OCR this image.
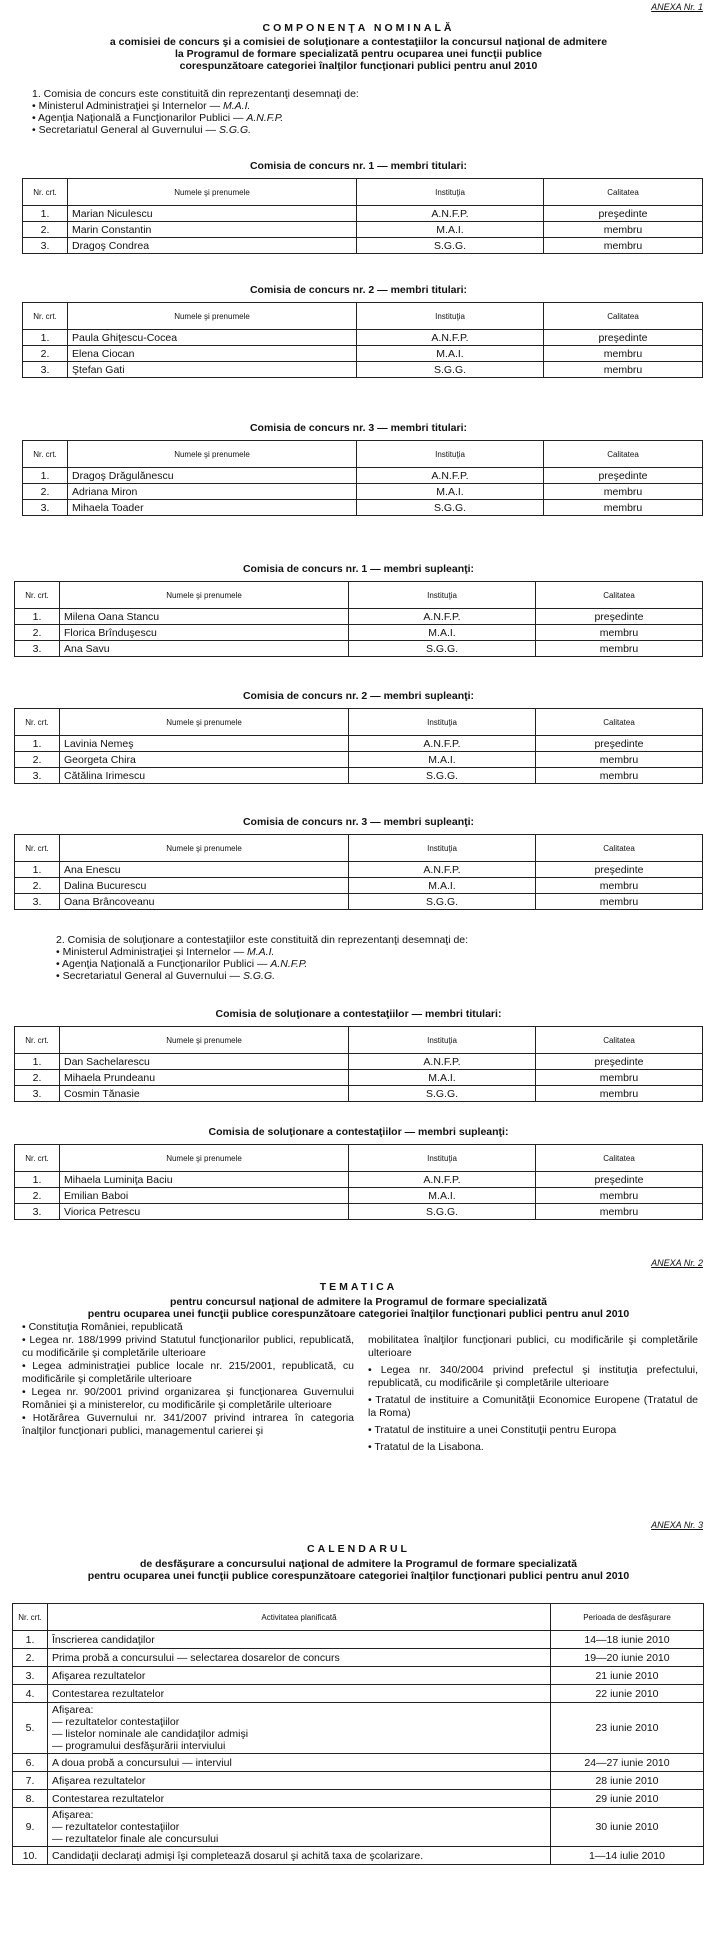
ANEXA Nr. 1
COMPONENŢA NOMINALĂ
a comisiei de concurs şi a comisiei de soluţionare a contestaţiilor la concursul naţional de admitere
la Programul de formare specializată pentru ocuparea unei funcţii publice
corespunzătoare categoriei înalţilor funcţionari publici pentru anul 2010
1. Comisia de concurs este constituită din reprezentanţi desemnaţi de:
• Ministerul Administraţiei şi Internelor — M.A.I.
• Agenţia Naţională a Funcţionarilor Publici — A.N.F.P.
• Secretariatul General al Guvernului — S.G.G.
Comisia de concurs nr. 1 — membri titulari:
Nr. crt.	Numele şi prenumele	Instituţia	Calitatea
1.	Marian Niculescu	A.N.F.P.	preşedinte
2.	Marin Constantin	M.A.I.	membru
3.	Dragoş Condrea	S.G.G.	membru
Comisia de concurs nr. 2 — membri titulari:
Nr. crt.	Numele şi prenumele	Instituţia	Calitatea
1.	Paula Ghiţescu-Cocea	A.N.F.P.	preşedinte
2.	Elena Ciocan	M.A.I.	membru
3.	Ştefan Gati	S.G.G.	membru
Comisia de concurs nr. 3 — membri titulari:
Nr. crt.	Numele şi prenumele	Instituţia	Calitatea
1.	Dragoş Drăgulănescu	A.N.F.P.	preşedinte
2.	Adriana Miron	M.A.I.	membru
3.	Mihaela Toader	S.G.G.	membru
Comisia de concurs nr. 1 — membri supleanţi:
Nr. crt.	Numele şi prenumele	Instituţia	Calitatea
1.	Milena Oana Stancu	A.N.F.P.	preşedinte
2.	Florica Brînduşescu	M.A.I.	membru
3.	Ana Savu	S.G.G.	membru
Comisia de concurs nr. 2 — membri supleanţi:
Nr. crt.	Numele şi prenumele	Instituţia	Calitatea
1.	Lavinia Nemeş	A.N.F.P.	preşedinte
2.	Georgeta Chira	M.A.I.	membru
3.	Cătălina Irimescu	S.G.G.	membru
Comisia de concurs nr. 3 — membri supleanţi:
Nr. crt.	Numele şi prenumele	Instituţia	Calitatea
1.	Ana Enescu	A.N.F.P.	preşedinte
2.	Dalina Bucurescu	M.A.I.	membru
3.	Oana Brâncoveanu	S.G.G.	membru
Comisia de soluţionare a contestaţiilor — membri titulari:
Nr. crt.	Numele şi prenumele	Instituţia	Calitatea
1.	Dan Sachelarescu	A.N.F.P.	preşedinte
2.	Mihaela Prundeanu	M.A.I.	membru
3.	Cosmin Tănasie	S.G.G.	membru
Comisia de soluţionare a contestaţiilor — membri supleanţi:
Nr. crt.	Numele şi prenumele	Instituţia	Calitatea
1.	Mihaela Luminiţa Baciu	A.N.F.P.	preşedinte
2.	Emilian Baboi	M.A.I.	membru
3.	Viorica Petrescu	S.G.G.	membru
2. Comisia de soluţionare a contestaţiilor este constituită din reprezentanţi desemnaţi de:
• Ministerul Administraţiei şi Internelor — M.A.I.
• Agenţia Naţională a Funcţionarilor Publici — A.N.F.P.
• Secretariatul General al Guvernului — S.G.G.
ANEXA Nr. 2
TEMATICA
pentru concursul naţional de admitere la Programul de formare specializată
pentru ocuparea unei funcţii publice corespunzătoare categoriei înalţilor funcţionari publici pentru anul 2010
• Constituţia României, republicată
• Legea nr. 188/1999 privind Statutul funcţionarilor publici, republicată, cu modificările şi completările ulterioare
• Legea administraţiei publice locale nr. 215/2001, republicată, cu modificările şi completările ulterioare
• Legea nr. 90/2001 privind organizarea şi funcţionarea Guvernului României şi a ministerelor, cu modificările şi completările ulterioare
• Hotărârea Guvernului nr. 341/2007 privind intrarea în categoria înalţilor funcţionari publici, managementul carierei şi
mobilitatea înalţilor funcţionari publici, cu modificările şi completările ulterioare
• Legea nr. 340/2004 privind prefectul şi instituţia prefectului, republicată, cu modificările şi completările ulterioare
• Tratatul de instituire a Comunităţii Economice Europene (Tratatul de la Roma)
• Tratatul de instituire a unei Constituţii pentru Europa
• Tratatul de la Lisabona.
ANEXA Nr. 3
CALENDARUL
de desfăşurare a concursului naţional de admitere la Programul de formare specializată
pentru ocuparea unei funcţii publice corespunzătoare categoriei înalţilor funcţionari publici pentru anul 2010
Nr. crt.	Activitatea planificată	Perioada de desfăşurare
1.	Înscrierea candidaţilor	14—18 iunie 2010
2.	Prima probă a concursului — selectarea dosarelor de concurs	19—20 iunie 2010
3.	Afişarea rezultatelor	21 iunie 2010
4.	Contestarea rezultatelor	22 iunie 2010
5.	Afişarea:
— rezultatelor contestaţiilor
— listelor nominale ale candidaţilor admişi
— programului desfăşurării interviului	23 iunie 2010
6.	A doua probă a concursului — interviul	24—27 iunie 2010
7.	Afişarea rezultatelor	28 iunie 2010
8.	Contestarea rezultatelor	29 iunie 2010
9.	Afişarea:
— rezultatelor contestaţiilor
— rezultatelor finale ale concursului	30 iunie 2010
10.	Candidaţii declaraţi admişi îşi completează dosarul şi achită taxa de şcolarizare.	1—14 iulie 2010
